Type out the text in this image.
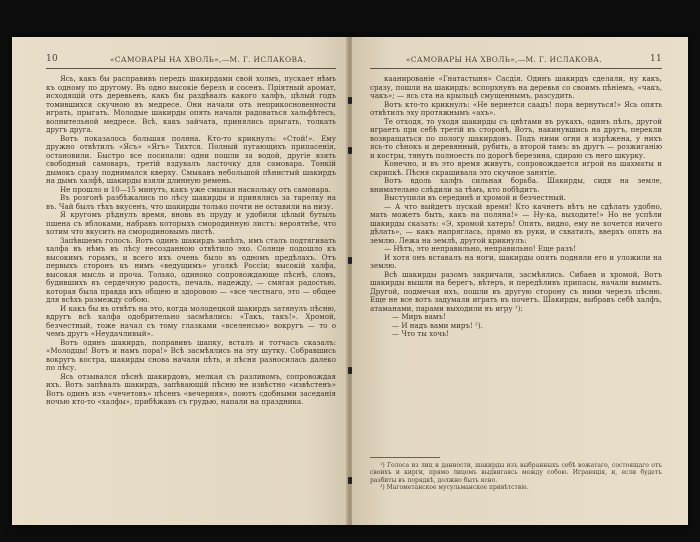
10	«САМОВАРЫ НА ХВОЛЬ»,—М. Г. ИСЛАКОВА.

Ясь, какъ бы расправивъ передъ шакирдами свой холмъ, пускает нѣмъ къ одному по другому. Въ одно высокіе березъ и сосенъ. Пріятный аромат, исходящій отъ деревьевъ, какъ бы раздѣвалъ какого халфъ, цѣлый годъ томившихся скучною въ медресе. Они начали отъ неприкосновенности играть, прыгать. Молодые шакирды опять начали радоваться хальфѣтесъ, волнительной медресе. Всѣ, какъ зайчата, принялись прыгать, толкать другъ друга.

Вотъ показалось большая поляна. Кто-то крикнулъ: «Стой!». Ему дружно отвѣтилъ «Ясъ» «Ягъ» Тихтся. Полный пугающихъ припасенія, остановили. Быстро все посипали: одни пошли за водой, другіе взять свободный самоваръ, третій вздувалъ ласточку для самовара. Тонкій дымокъ сразу поднимался кверху. Смыкавъ небольшой пѣнистый шакирдъ на дымъ халфѣ, шакирды взяли длинную ремень.

Не прошло и 10—15 минутъ, какъ уже смыкая наскольку отъ самовара.

Въ розгонѣ разбѣжались по лѣсу шакирды и принялись за тарелку на въ. Чай былъ тѣхъ вкусенъ, что шакирды только почти не оставили на низу.

Я кругомъ рѣднулъ время, вновь въ пруду и удобили цѣлый бутыль пшена съ яблоками, набравъ которыхъ смородинную листъ: вероятнѣе, что хотим что вкусить на смородиновымъ листѣ.

Запѣвшемъ голосъ. Вотъ одинъ шакирдъ запѣлъ, имъ сталъ подтягивать халфа въ нѣмъ въ лѣсу несозданною отвѣтило эхо. Солнце подошло къ высокимъ горамъ, и всего ихъ очень было въ одномъ предѣлахъ. Отъ первыхъ сторонъ къ нимъ «ведущимъ» уголкѣ Россіи; высокій халфа, высокая мысль и проча. Только, одиноко сопровождающе пѣснѣ, словъ, будившихъ въ сердечную радость, печаль, надежду, — смягая радостью, которая была правда ихъ общею и здоровою — «все честнаго, это — общее для всѣхъ размежду собою.

И какъ бы въ отвѣтъ на это, когда молодецкой шакирдъ затянулъ пѣсню, вдругъ всѣ халфа одобрительно засмѣялись: «Такъ, такъ!». Хромой, безчестный, тоже начал съ тому глазками «вселенсью» вокругъ — то о чемъ другъ «Неудачливый».

Вотъ одинъ шакирдъ, поправивъ шапку, всталъ и тотчасъ сказалъ: «Молодцы! Вотъ и намъ пора!» Всѣ засмѣялись на эту шутку. Собравшись вокругъ костра, шакирды снова начали пѣть, и пѣсня разносилась далеко по лѣсу.

Ясь отзывался пѣснѣ шакирдовъ, мелкая съ разливомъ, сопровождая ихъ. Вотъ запѣвалъ шакирдъ, запѣвающій пѣсню не извѣстно «извѣстенъ» Вотъ одинъ изъ «чечетовъ» пѣсенъ «вечерняя», поютъ сдобными заседанія ночью кто-то «халфы», прибѣжавъ съ грудью, напали на праздника.

«САМОВАРЫ НА ХВОЛЬ»,—М. Г. ИСЛАКОВА.	11

каанированіе «Гнатастыня» Сасдія. Одинъ шакирдъ сделали, ну какъ, сразу, пошли на шакирдъ: вспорхнувъ на деревья со своимъ пѣніемъ, «чакъ, чакъ»; — ясь ста на крыльцѣ смущеннымъ, разсудить.

Вотъ кто-то крикнулъ: «Не вернется саадъ! пора вернуться!» Ясь опять отвѣтилъ эху протяжнымъ «ахъ».

Те отходя, то уходя шакирды съ цвѣтами въ рукахъ, одинъ пѣлъ, другой играетъ при себѣ третій въ сторонѣ, Вотъ, накинувшись на другъ, перекли возвращаться по пологу шакирдовъ. Подъ ними огни я изрѣжена, у нихъ ясь-то сѣнокъ и деревянный, рубить, а второй тамъ: въ другъ — розжиганію и костры, тянуть полноесть по дорогѣ березина, сдираю съ него шкурку.

Конечно, и въ это время живутъ, сопровождается игрой на шахматы и скрипкѣ. Пѣсня скрашивала это скучное занятіе.

Вотъ вдоль халфъ сильная борьба. Шакирды, сидя на земле, внимательно слѣдили за тѣмъ, кто побѣдитъ.

Выступили въ серединѣ и хромой и безчестный.

— А что выйдетъ пускай время! Кто качнетъ вѣтъ не сдѣлать удобно, мать можетъ быть, какъ на поляна!» — Ну-ка, выходите!» Но не успѣли шакирды сказать: «Э, хромой хатеръ! Опять, видно, ему не хочется ничего дѣлать», — какъ напряглась, прямо въ руки, и схватилъ, вверхъ опять на землю. Лежа на землѣ, другой крикнулъ:

— Нѣтъ, это неправильно, неправильно! Еще разъ!

И хотя онъ вставалъ на ноги, шакирды опять подняли его и уложили на землю.

Всѣ шакирды разомъ закричали, засмѣялись. Сибаев и хромой, Вотъ шакирды вышли на берегъ, вѣтеръ, и передѣливъ припасы, начали вымыть. Другой, подмечая ихъ, пошли въ другую сторону съ ними черезъ пѣсню. Еще не все вотъ задумали играть въ почетъ. Шакирды, выбравъ себѣ халфъ, атаманами, парами выходили въ игру ¹):

— Миръ вамъ!

— И надъ вами миръ! ²).

— Что ты хочь!

¹) Голоса из лиц и данности, шакирды изъ выбранныхъ себѣ вожатаго, состоящаго отъ своихъ и кирги, прямо лицомъ выдвигаясь между собою. Играющія, и, если будетъ разбиты въ порядкѣ, должно быть ясно.

²) Магометанское мусульманское привѣтствіе.
